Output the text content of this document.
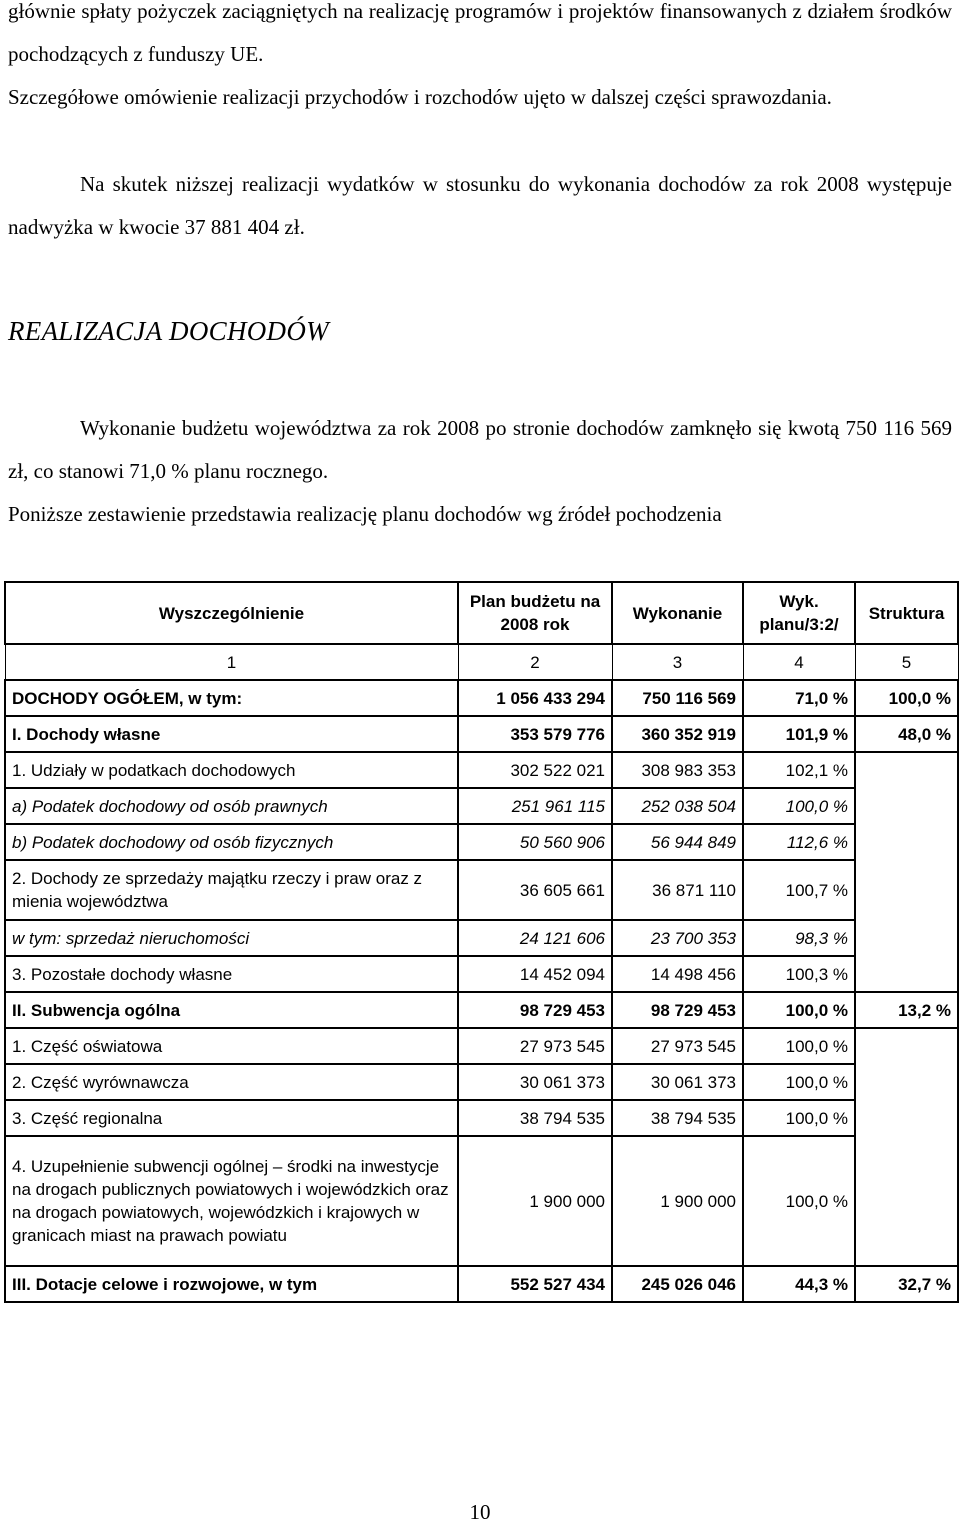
głównie spłaty pożyczek zaciągniętych na realizację programów i projektów finansowanych z działem środków pochodzących z funduszy UE.

Szczegółowe omówienie realizacji przychodów i rozchodów ujęto w dalszej części sprawozdania.

Na skutek niższej realizacji wydatków w stosunku do wykonania dochodów za rok 2008 występuje nadwyżka w kwocie 37 881 404 zł.

REALIZACJA DOCHODÓW

Wykonanie budżetu województwa za rok 2008 po stronie dochodów zamknęło się kwotą 750 116 569 zł, co stanowi 71,0 % planu rocznego.

Poniższe zestawienie przedstawia realizację planu dochodów wg źródeł pochodzenia

Wyszczególnienie	Plan budżetu na 2008 rok	Wykonanie	Wyk. planu/3:2/	Struktura
1	2	3	4	5
DOCHODY OGÓŁEM, w tym:	1 056 433 294	750 116 569	71,0 %	100,0 %
I. Dochody własne	353 579 776	360 352 919	101,9 %	48,0 %
1. Udziały w podatkach dochodowych	302 522 021	308 983 353	102,1 %	
a) Podatek dochodowy od osób prawnych	251 961 115	252 038 504	100,0 %	
b) Podatek dochodowy od osób fizycznych	50 560 906	56 944 849	112,6 %	
2. Dochody ze sprzedaży majątku rzeczy i praw oraz z mienia województwa	36 605 661	36 871 110	100,7 %	
w tym: sprzedaż nieruchomości	24 121 606	23 700 353	98,3 %	
3. Pozostałe dochody własne	14 452 094	14 498 456	100,3 %	
II. Subwencja ogólna	98 729 453	98 729 453	100,0 %	13,2 %
1. Część oświatowa	27 973 545	27 973 545	100,0 %	
2. Część wyrównawcza	30 061 373	30 061 373	100,0 %	
3. Część regionalna	38 794 535	38 794 535	100,0 %	
4. Uzupełnienie subwencji ogólnej – środki na inwestycje na drogach publicznych powiatowych i wojewódzkich oraz na drogach powiatowych, wojewódzkich i krajowych w granicach miast na prawach powiatu	1 900 000	1 900 000	100,0 %	
III. Dotacje celowe i rozwojowe, w tym	552 527 434	245 026 046	44,3 %	32,7 %
10
